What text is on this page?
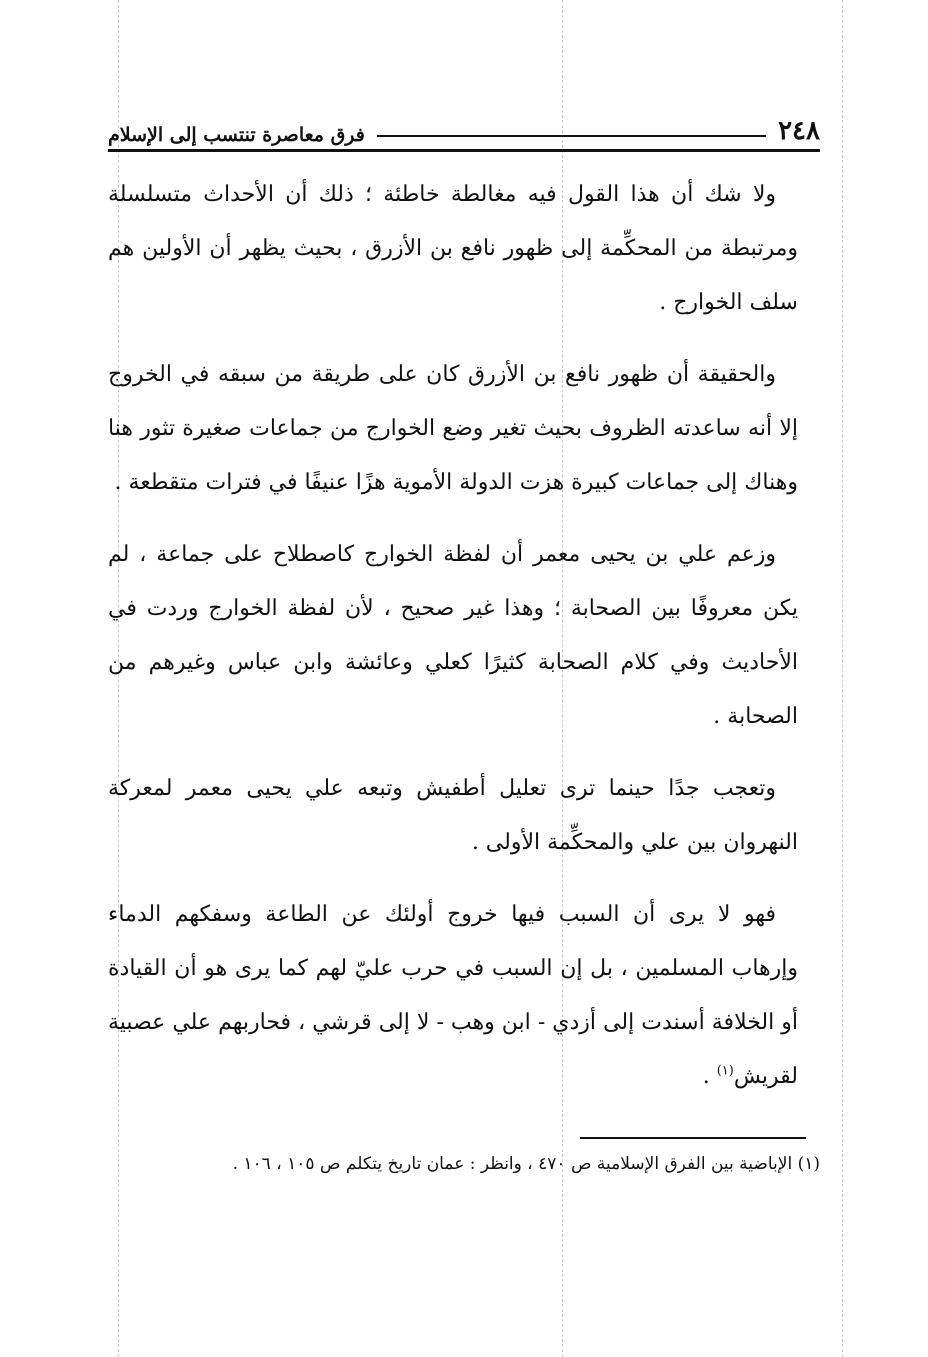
٢٤٨
فرق معاصرة تنتسب إلى الإسلام

ولا شك أن هذا القول فيه مغالطة خاطئة ؛ ذلك أن الأحداث متسلسلة ومرتبطة من المحكِّمة إلى ظهور نافع بن الأزرق ، بحيث يظهر أن الأولين هم سلف الخوارج .

والحقيقة أن ظهور نافع بن الأزرق كان على طريقة من سبقه في الخروج إلا أنه ساعدته الظروف بحيث تغير وضع الخوارج من جماعات صغيرة تثور هنا وهناك إلى جماعات كبيرة هزت الدولة الأموية هزًا عنيفًا في فترات متقطعة .

وزعم علي بن يحيى معمر أن لفظة الخوارج كاصطلاح على جماعة ، لم يكن معروفًا بين الصحابة ؛ وهذا غير صحيح ، لأن لفظة الخوارج وردت في الأحاديث وفي كلام الصحابة كثيرًا كعلي وعائشة وابن عباس وغيرهم من الصحابة .

وتعجب جدًا حينما ترى تعليل أطفيش وتبعه علي يحيى معمر لمعركة النهروان بين علي والمحكِّمة الأولى .

فهو لا يرى أن السبب فيها خروج أولئك عن الطاعة وسفكهم الدماء وإرهاب المسلمين ، بل إن السبب في حرب عليّ لهم كما يرى هو أن القيادة أو الخلافة أسندت إلى أزدي - ابن وهب - لا إلى قرشي ، فحاربهم علي عصبية لقريش$^{(١)}$ .

(١) الإباضية بين الفرق الإسلامية ص ٤٧٠ ، وانظر : عمان تاريخ يتكلم ص ١٠٥ ، ١٠٦ .
